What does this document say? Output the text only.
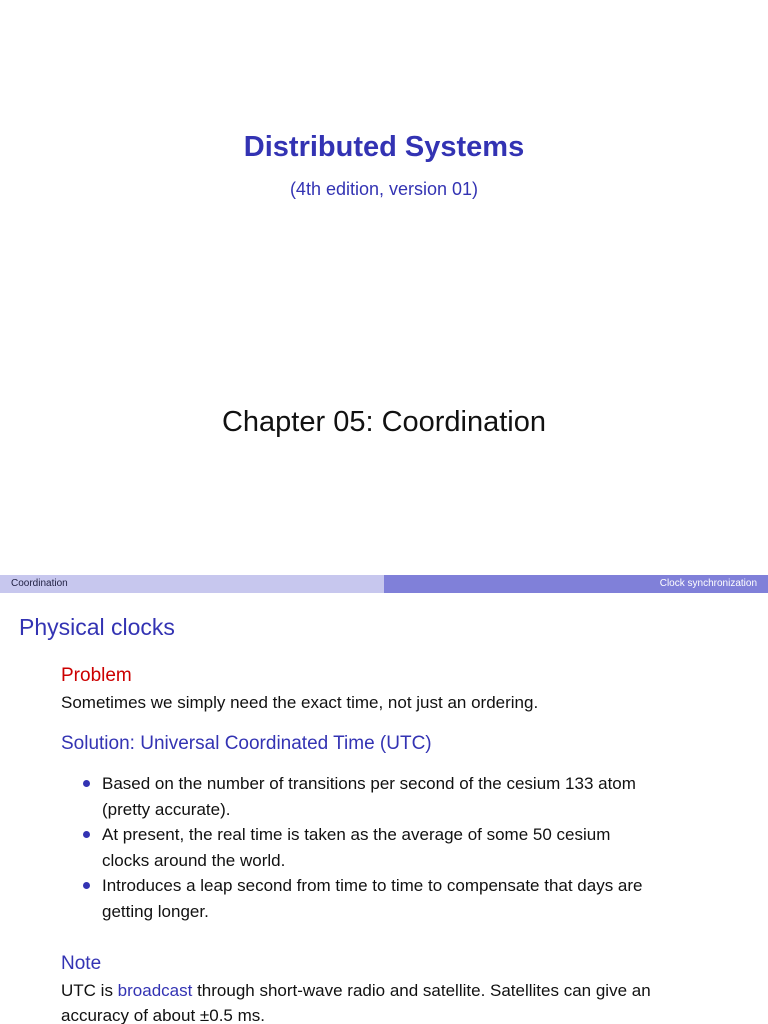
Distributed Systems
(4th edition, version 01)
Chapter 05: Coordination
Coordination	Clock synchronization
Physical clocks
Problem
Sometimes we simply need the exact time, not just an ordering.
Solution: Universal Coordinated Time (UTC)
Based on the number of transitions per second of the cesium 133 atom
(pretty accurate).
At present, the real time is taken as the average of some 50 cesium
clocks around the world.
Introduces a leap second from time to time to compensate that days are
getting longer.
Note
UTC is broadcast through short-wave radio and satellite. Satellites can give an
accuracy of about ±0.5 ms.
